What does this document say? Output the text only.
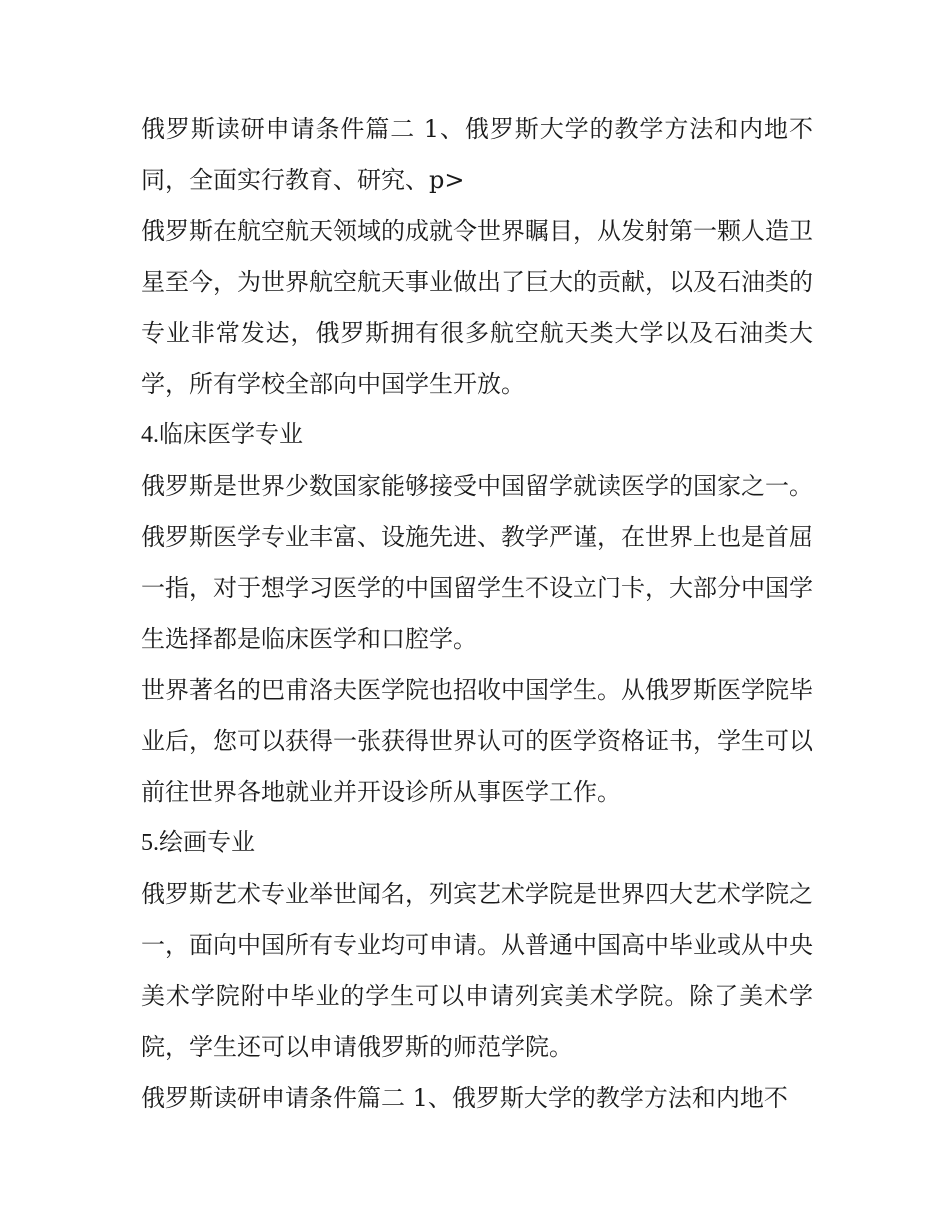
俄罗斯读研申请条件篇二 1、俄罗斯大学的教学方法和内地不同，全面实行教育、研究、p>

俄罗斯在航空航天领域的成就令世界瞩目，从发射第一颗人造卫星至今，为世界航空航天事业做出了巨大的贡献，以及石油类的专业非常发达，俄罗斯拥有很多航空航天类大学以及石油类大学，所有学校全部向中国学生开放。

4.临床医学专业

俄罗斯是世界少数国家能够接受中国留学就读医学的国家之一。俄罗斯医学专业丰富、设施先进、教学严谨，在世界上也是首屈一指，对于想学习医学的中国留学生不设立门卡，大部分中国学生选择都是临床医学和口腔学。

世界著名的巴甫洛夫医学院也招收中国学生。从俄罗斯医学院毕业后，您可以获得一张获得世界认可的医学资格证书，学生可以前往世界各地就业并开设诊所从事医学工作。

5.绘画专业

俄罗斯艺术专业举世闻名，列宾艺术学院是世界四大艺术学院之一，面向中国所有专业均可申请。从普通中国高中毕业或从中央美术学院附中毕业的学生可以申请列宾美术学院。除了美术学院，学生还可以申请俄罗斯的师范学院。

俄罗斯读研申请条件篇二 1、俄罗斯大学的教学方法和内地不
